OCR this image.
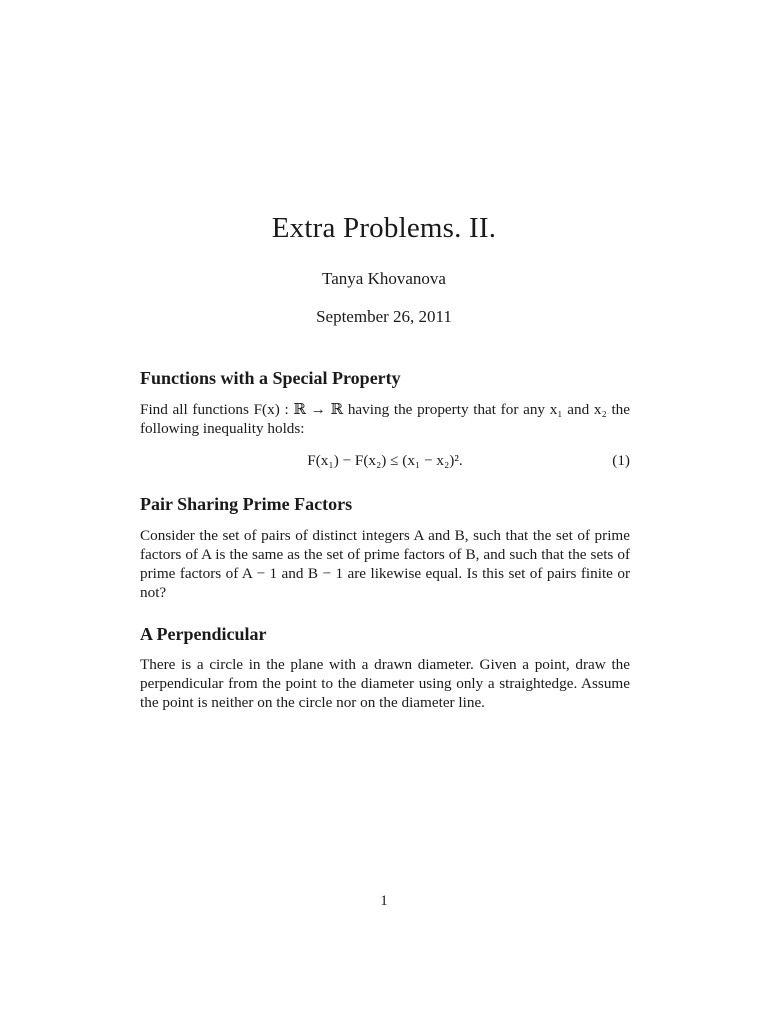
Extra Problems. II.
Tanya Khovanova
September 26, 2011
Functions with a Special Property

Find all functions F(x) : ℝ → ℝ having the property that for any x₁ and x₂ the following inequality holds:

F(x₁) − F(x₂) ≤ (x₁ − x₂)².	(1)
Pair Sharing Prime Factors

Consider the set of pairs of distinct integers A and B, such that the set of prime factors of A is the same as the set of prime factors of B, and such that the sets of prime factors of A − 1 and B − 1 are likewise equal. Is this set of pairs finite or not?

A Perpendicular

There is a circle in the plane with a drawn diameter. Given a point, draw the perpendicular from the point to the diameter using only a straightedge. Assume the point is neither on the circle nor on the diameter line.

1
